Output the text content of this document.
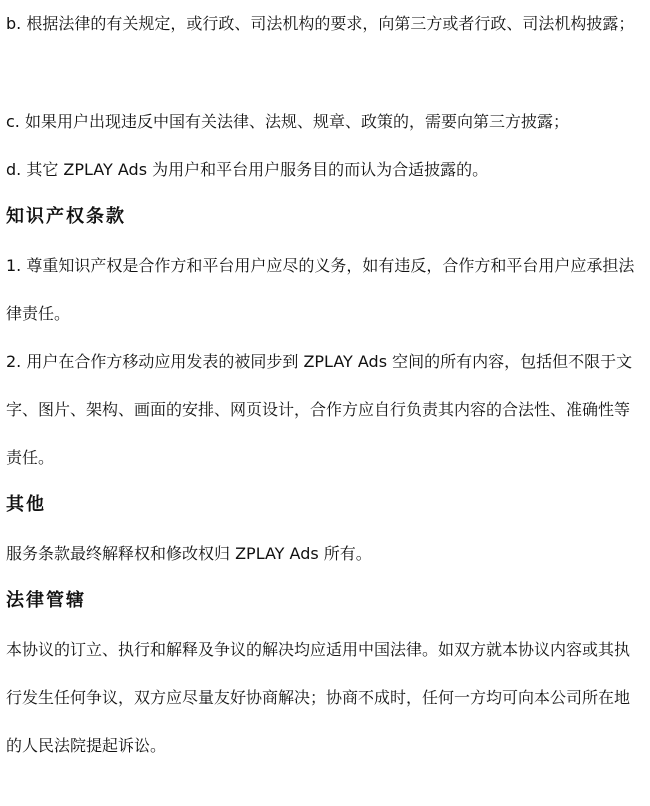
b. 根据法律的有关规定，或行政、司法机构的要求，向第三方或者行政、司法机构披露；
c. 如果用户出现违反中国有关法律、法规、规章、政策的，需要向第三方披露；
d. 其它 ZPLAY Ads 为用户和平台用户服务目的而认为合适披露的。
知识产权条款
1. 尊重知识产权是合作方和平台用户应尽的义务，如有违反，合作方和平台用户应承担法
律责任。
2. 用户在合作方移动应用发表的被同步到 ZPLAY Ads 空间的所有内容，包括但不限于文
字、图片、架构、画面的安排、网页设计，合作方应自行负责其内容的合法性、准确性等
责任。
其他
服务条款最终解释权和修改权归 ZPLAY Ads 所有。
法律管辖
本协议的订立、执行和解释及争议的解决均应适用中国法律。如双方就本协议内容或其执
行发生任何争议，双方应尽量友好协商解决；协商不成时，任何一方均可向本公司所在地
的人民法院提起诉讼。
